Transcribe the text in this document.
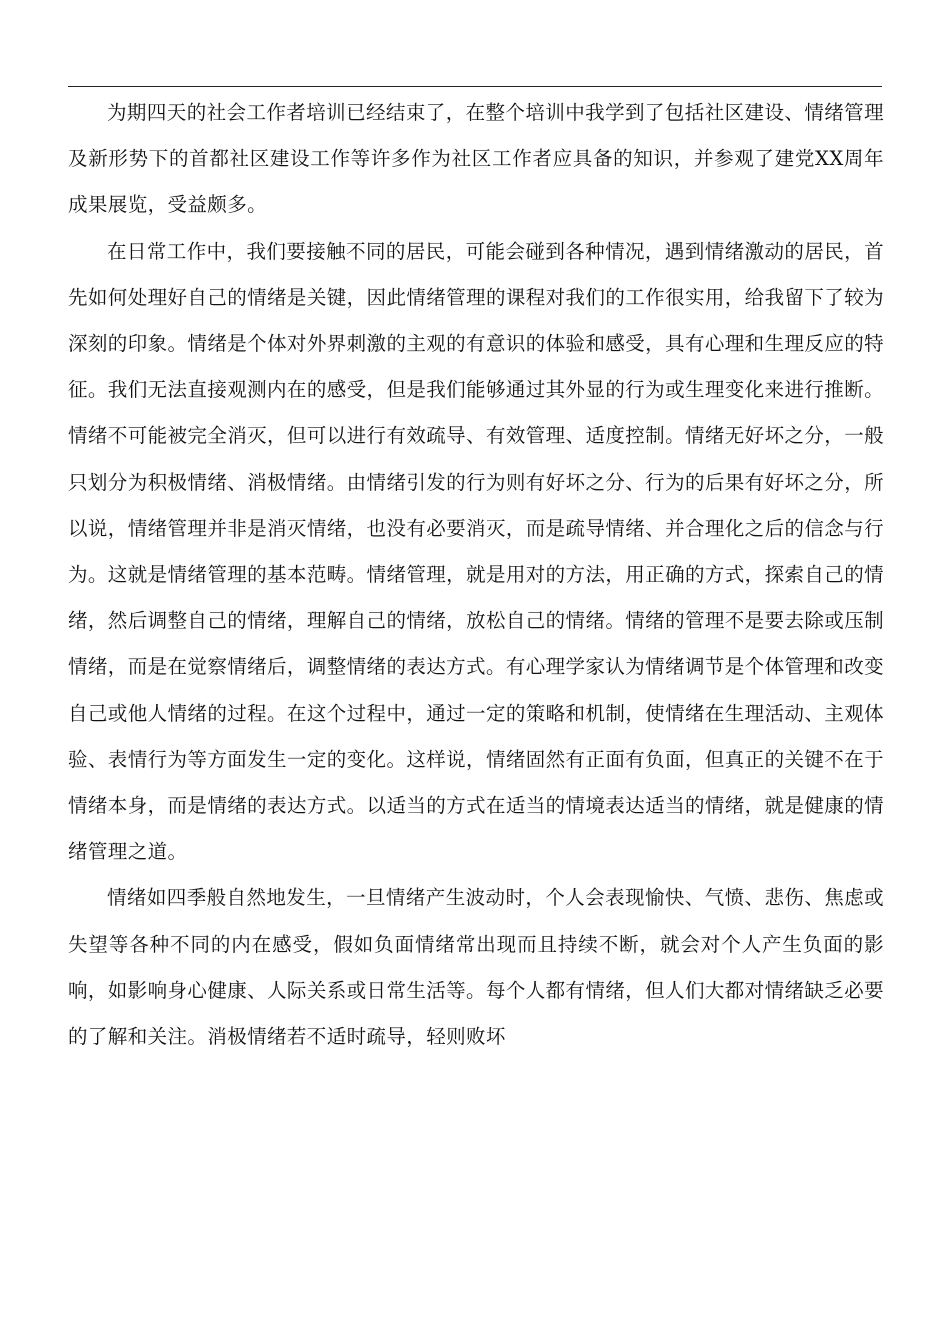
为期四天的社会工作者培训已经结束了，在整个培训中我学到了包括社区建设、情绪管理及新形势下的首都社区建设工作等许多作为社区工作者应具备的知识，并参观了建党XX周年成果展览，受益颇多。

在日常工作中，我们要接触不同的居民，可能会碰到各种情况，遇到情绪激动的居民，首先如何处理好自己的情绪是关键，因此情绪管理的课程对我们的工作很实用，给我留下了较为深刻的印象。情绪是个体对外界刺激的主观的有意识的体验和感受，具有心理和生理反应的特征。我们无法直接观测内在的感受，但是我们能够通过其外显的行为或生理变化来进行推断。情绪不可能被完全消灭，但可以进行有效疏导、有效管理、适度控制。情绪无好坏之分，一般只划分为积极情绪、消极情绪。由情绪引发的行为则有好坏之分、行为的后果有好坏之分，所以说，情绪管理并非是消灭情绪，也没有必要消灭，而是疏导情绪、并合理化之后的信念与行为。这就是情绪管理的基本范畴。情绪管理，就是用对的方法，用正确的方式，探索自己的情绪，然后调整自己的情绪，理解自己的情绪，放松自己的情绪。情绪的管理不是要去除或压制情绪，而是在觉察情绪后，调整情绪的表达方式。有心理学家认为情绪调节是个体管理和改变自己或他人情绪的过程。在这个过程中，通过一定的策略和机制，使情绪在生理活动、主观体验、表情行为等方面发生一定的变化。这样说，情绪固然有正面有负面，但真正的关键不在于情绪本身，而是情绪的表达方式。以适当的方式在适当的情境表达适当的情绪，就是健康的情绪管理之道。

情绪如四季般自然地发生，一旦情绪产生波动时，个人会表现愉快、气愤、悲伤、焦虑或失望等各种不同的内在感受，假如负面情绪常出现而且持续不断，就会对个人产生负面的影响，如影响身心健康、人际关系或日常生活等。每个人都有情绪，但人们大都对情绪缺乏必要的了解和关注。消极情绪若不适时疏导，轻则败坏
